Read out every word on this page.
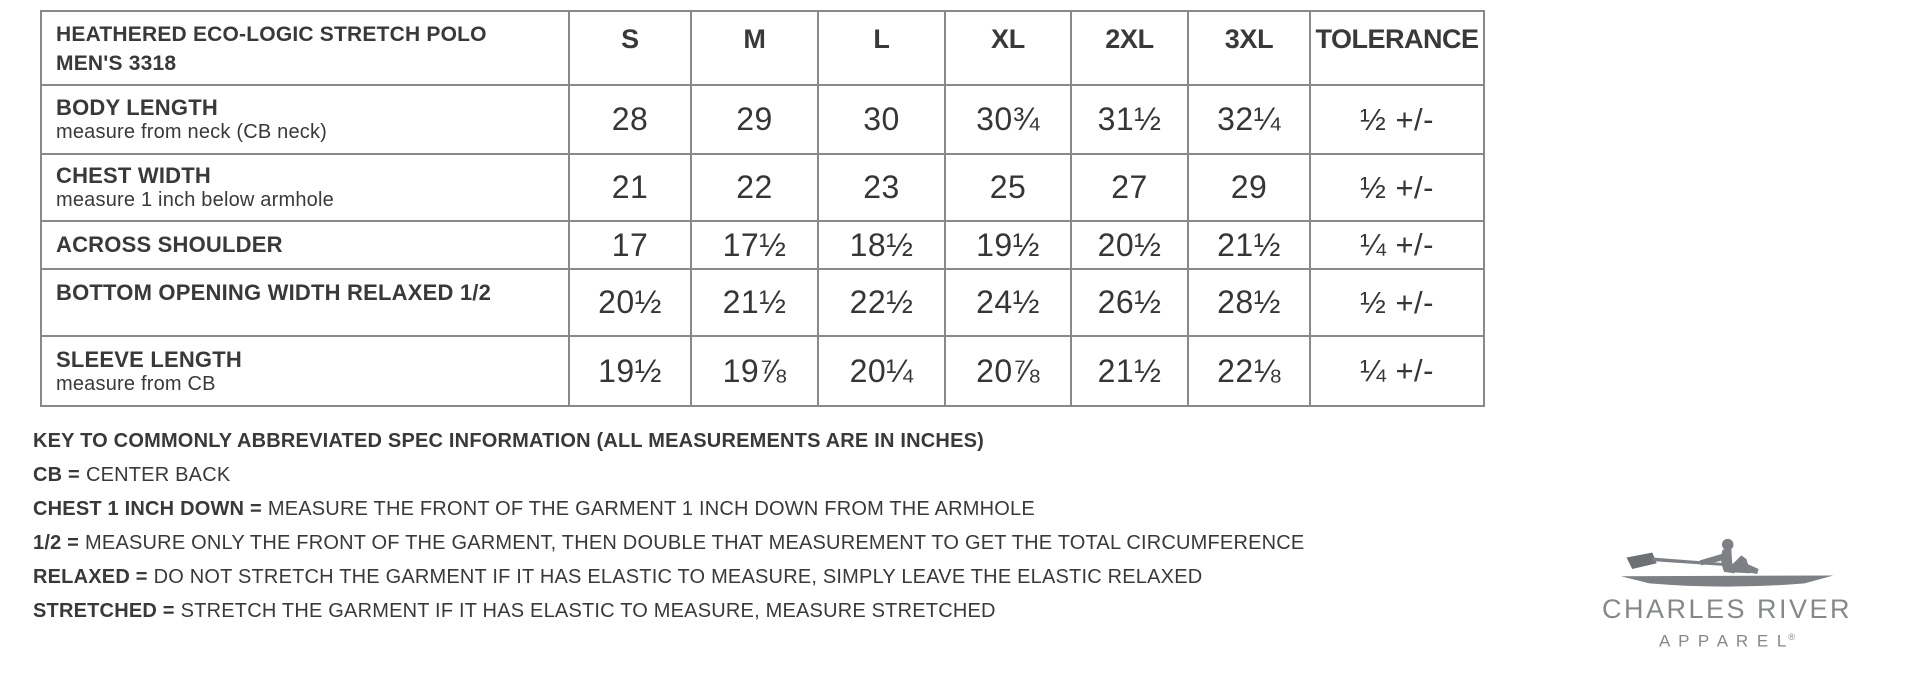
HEATHERED ECO-LOGIC STRETCH POLO MEN'S 3318	S	M	L	XL	2XL	3XL	TOLERANCE

BODY LENGTH
measure from neck (CB neck)	28	29	30	30¾	31½	32¼	½ +/-

CHEST WIDTH
measure 1 inch below armhole	21	22	23	25	27	29	½ +/-

ACROSS SHOULDER	17	17½	18½	19½	20½	21½	¼ +/-

BOTTOM OPENING WIDTH RELAXED 1/2	20½	21½	22½	24½	26½	28½	½ +/-

SLEEVE LENGTH
measure from CB	19½	19⅞	20¼	20⅞	21½	22⅛	¼ +/-
KEY TO COMMONLY ABBREVIATED SPEC INFORMATION (ALL MEASUREMENTS ARE IN INCHES)
CB = CENTER BACK
CHEST 1 INCH DOWN = MEASURE THE FRONT OF THE GARMENT 1 INCH DOWN FROM THE ARMHOLE
1/2 = MEASURE ONLY THE FRONT OF THE GARMENT, THEN DOUBLE THAT MEASUREMENT TO GET THE TOTAL CIRCUMFERENCE
RELAXED = DO NOT STRETCH THE GARMENT IF IT HAS ELASTIC TO MEASURE, SIMPLY LEAVE THE ELASTIC RELAXED
STRETCHED = STRETCH THE GARMENT IF IT HAS ELASTIC TO MEASURE, MEASURE STRETCHED	CHARLES RIVER
A P P A R E L®
